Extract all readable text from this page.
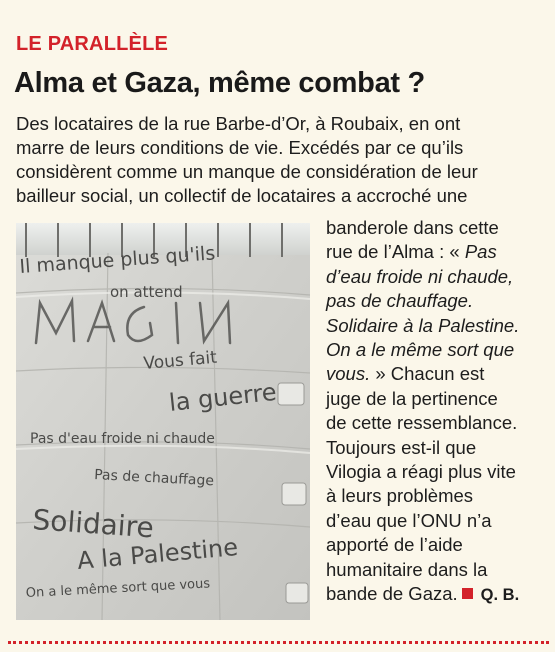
LE PARALLÈLE
Alma et Gaza, même combat ?
Des locataires de la rue Barbe-d’Or, à Roubaix, en ont
marre de leurs conditions de vie. Excédés par ce qu’ils
considèrent comme un manque de considération de leur
bailleur social, un collectif de locataires a accroché une
Il manque plus qu'ils
on attend
Vous fait
la guerre
Pas d'eau froide ni chaude
Pas de chauffage
Solidaire
A la Palestine
On a le même sort que vous
banderole dans cette
rue de l’Alma : « Pas
d’eau froide ni chaude,
pas de chauffage.
Solidaire à la Palestine.
On a le même sort que
vous. » Chacun est
juge de la pertinence
de cette ressemblance.
Toujours est-il que
Vilogia a réagi plus vite
à leurs problèmes
d’eau que l’ONU n’a
apporté de l’aide
humanitaire dans la
bande de Gaza. Q. B.
